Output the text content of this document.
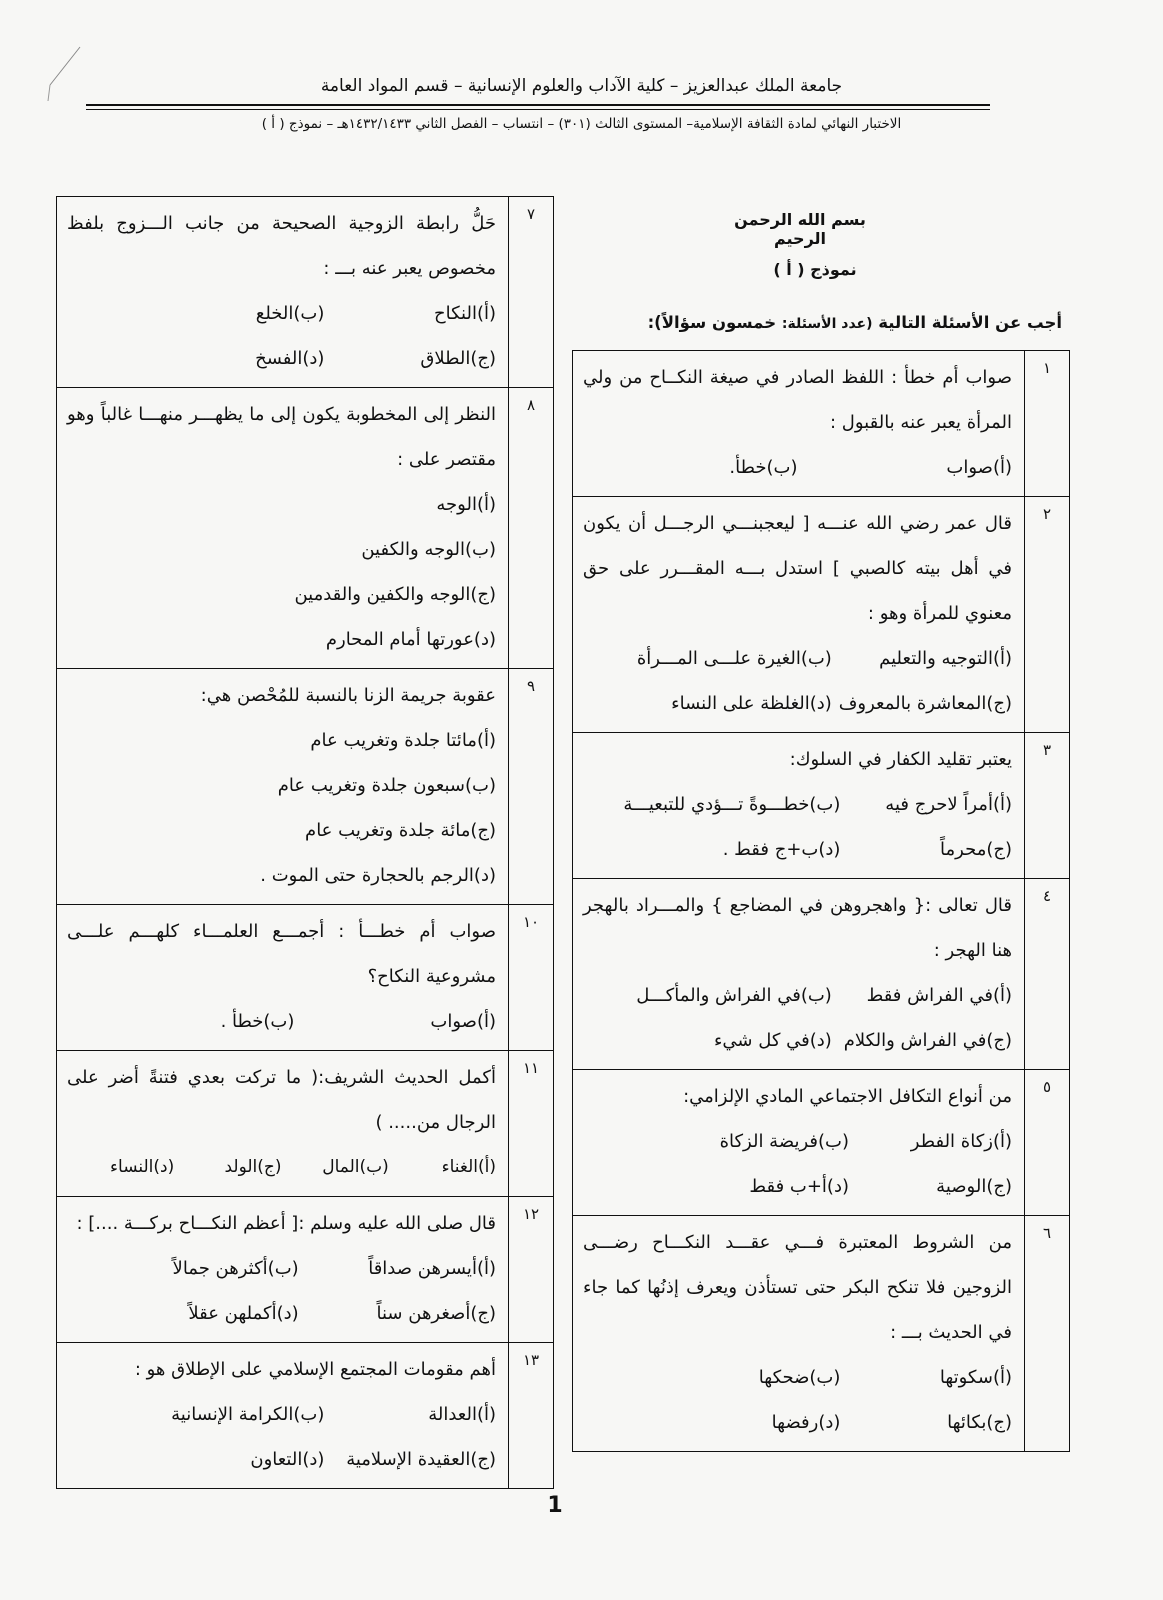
جامعة الملك عبدالعزيز – كلية الآداب والعلوم الإنسانية – قسم المواد العامة
الاختبار النهائي لمادة الثقافة الإسلامية– المستوى الثالث (٣٠١) – انتساب – الفصل الثاني ١٤٣٢/١٤٣٣هـ – نموذج ( أ )
بسم الله الرحمن الرحيم
نموذج ( أ )
أجب عن الأسئلة التالية (عدد الأسئلة: خمسون سؤالاً):
١	صواب أم خطأ : اللفظ الصادر في صيغة النكــاح من ولي المرأة يعبر عنه بالقبول :
(أ)صواب
(ب)خطأ.

٢	قال عمر رضي الله عنـــه [ ليعجبنـــي الرجـــل أن يكون في أهل بيته كالصبي ] استدل بـــه المقـــرر على حق معنوي للمرأة وهو :
(أ)التوجيه والتعليم
(ب)الغيرة علـــى المـــرأة
(ج)المعاشرة بالمعروف
(د)الغلظة على النساء

٣	يعتبر تقليد الكفار في السلوك:
(أ)أمراً لاحرج فيه
(ب)خطـــوةً تـــؤدي للتبعيـــة
(ج)محرماً
(د)ب+ج فقط .

٤	قال تعالى :{ واهجروهن في المضاجع } والمـــراد بالهجر هنا الهجر :
(أ)في الفراش فقط
(ب)في الفراش والمأكـــل
(ج)في الفراش والكلام
(د)في كل شيء

٥	من أنواع التكافل الاجتماعي المادي الإلزامي:
(أ)زكاة الفطر
(ب)فريضة الزكاة
(ج)الوصية
(د)أ+ب فقط

٦	من الشروط المعتبرة فـــي عقـــد النكـــاح رضـــى الزوجين فلا تنكح البكر حتى تستأذن ويعرف إذنُها كما جاء في الحديث بـــ :
(أ)سكوتها
(ب)ضحكها
(ج)بكائها
(د)رفضها
٧	حَلُّ رابطة الزوجية الصحيحة من جانب الـــزوج بلفظ مخصوص يعبر عنه بـــ :
(أ)النكاح
(ب)الخلع
(ج)الطلاق
(د)الفسخ

٨	النظر إلى المخطوبة يكون إلى ما يظهـــر منهـــا غالباً وهو مقتصر على :
(أ)الوجه
(ب)الوجه والكفين
(ج)الوجه والكفين والقدمين
(د)عورتها أمام المحارم

٩	عقوبة جريمة الزنا بالنسبة للمُحْصن هي:
(أ)مائتا جلدة وتغريب عام
(ب)سبعون جلدة وتغريب عام
(ج)مائة جلدة وتغريب عام
(د)الرجم بالحجارة حتى الموت .

١٠	صواب أم خطـــأ : أجمـــع العلمـــاء كلهـــم علـــى مشروعية النكاح؟
(أ)صواب
(ب)خطأ .

١١	أكمل الحديث الشريف:( ما تركت بعدي فتنةً أضر على الرجال من..... )
(أ)الغناء
(ب)المال
(ج)الولد
(د)النساء

١٢	قال صلى الله عليه وسلم :[ أعظم النكـــاح بركـــة ....] :
(أ)أيسرهن صداقاً
(ب)أكثرهن جمالاً
(ج)أصغرهن سناً
(د)أكملهن عقلاً

١٣	أهم مقومات المجتمع الإسلامي على الإطلاق هو :
(أ)العدالة
(ب)الكرامة الإنسانية
(ج)العقيدة الإسلامية
(د)التعاون
1
